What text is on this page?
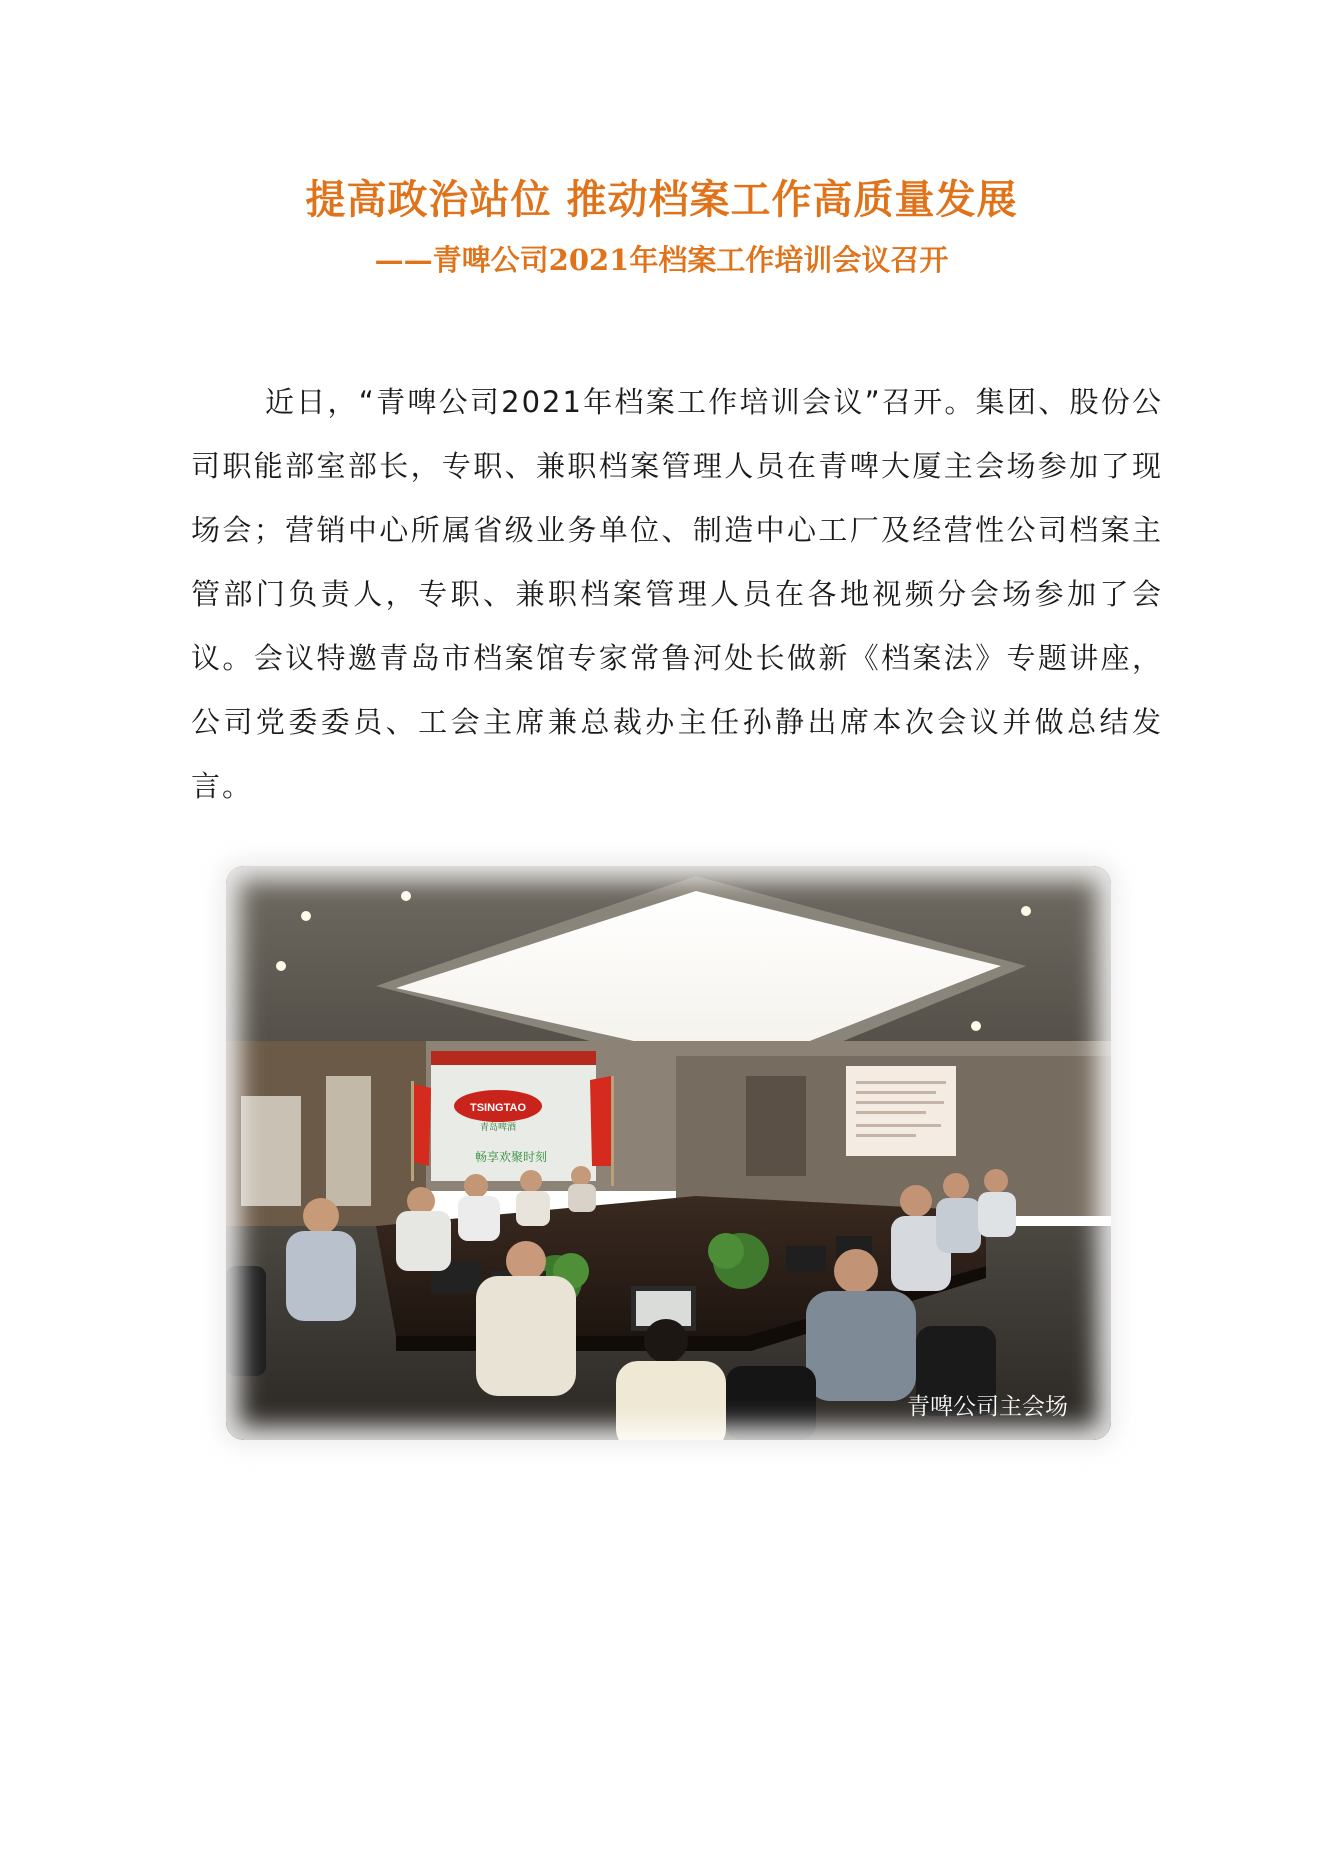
提高政治站位 推动档案工作高质量发展
——青啤公司2021年档案工作培训会议召开

近日，“青啤公司2021年档案工作培训会议”召开。集团、股份公司职能部室部长，专职、兼职档案管理人员在青啤大厦主会场参加了现场会；营销中心所属省级业务单位、制造中心工厂及经营性公司档案主管部门负责人，专职、兼职档案管理人员在各地视频分会场参加了会议。会议特邀青岛市档案馆专家常鲁河处长做新《档案法》专题讲座，公司党委委员、工会主席兼总裁办主任孙静出席本次会议并做总结发言。

TSINGTAO
青岛啤酒
畅享欢聚时刻
青啤公司主会场
